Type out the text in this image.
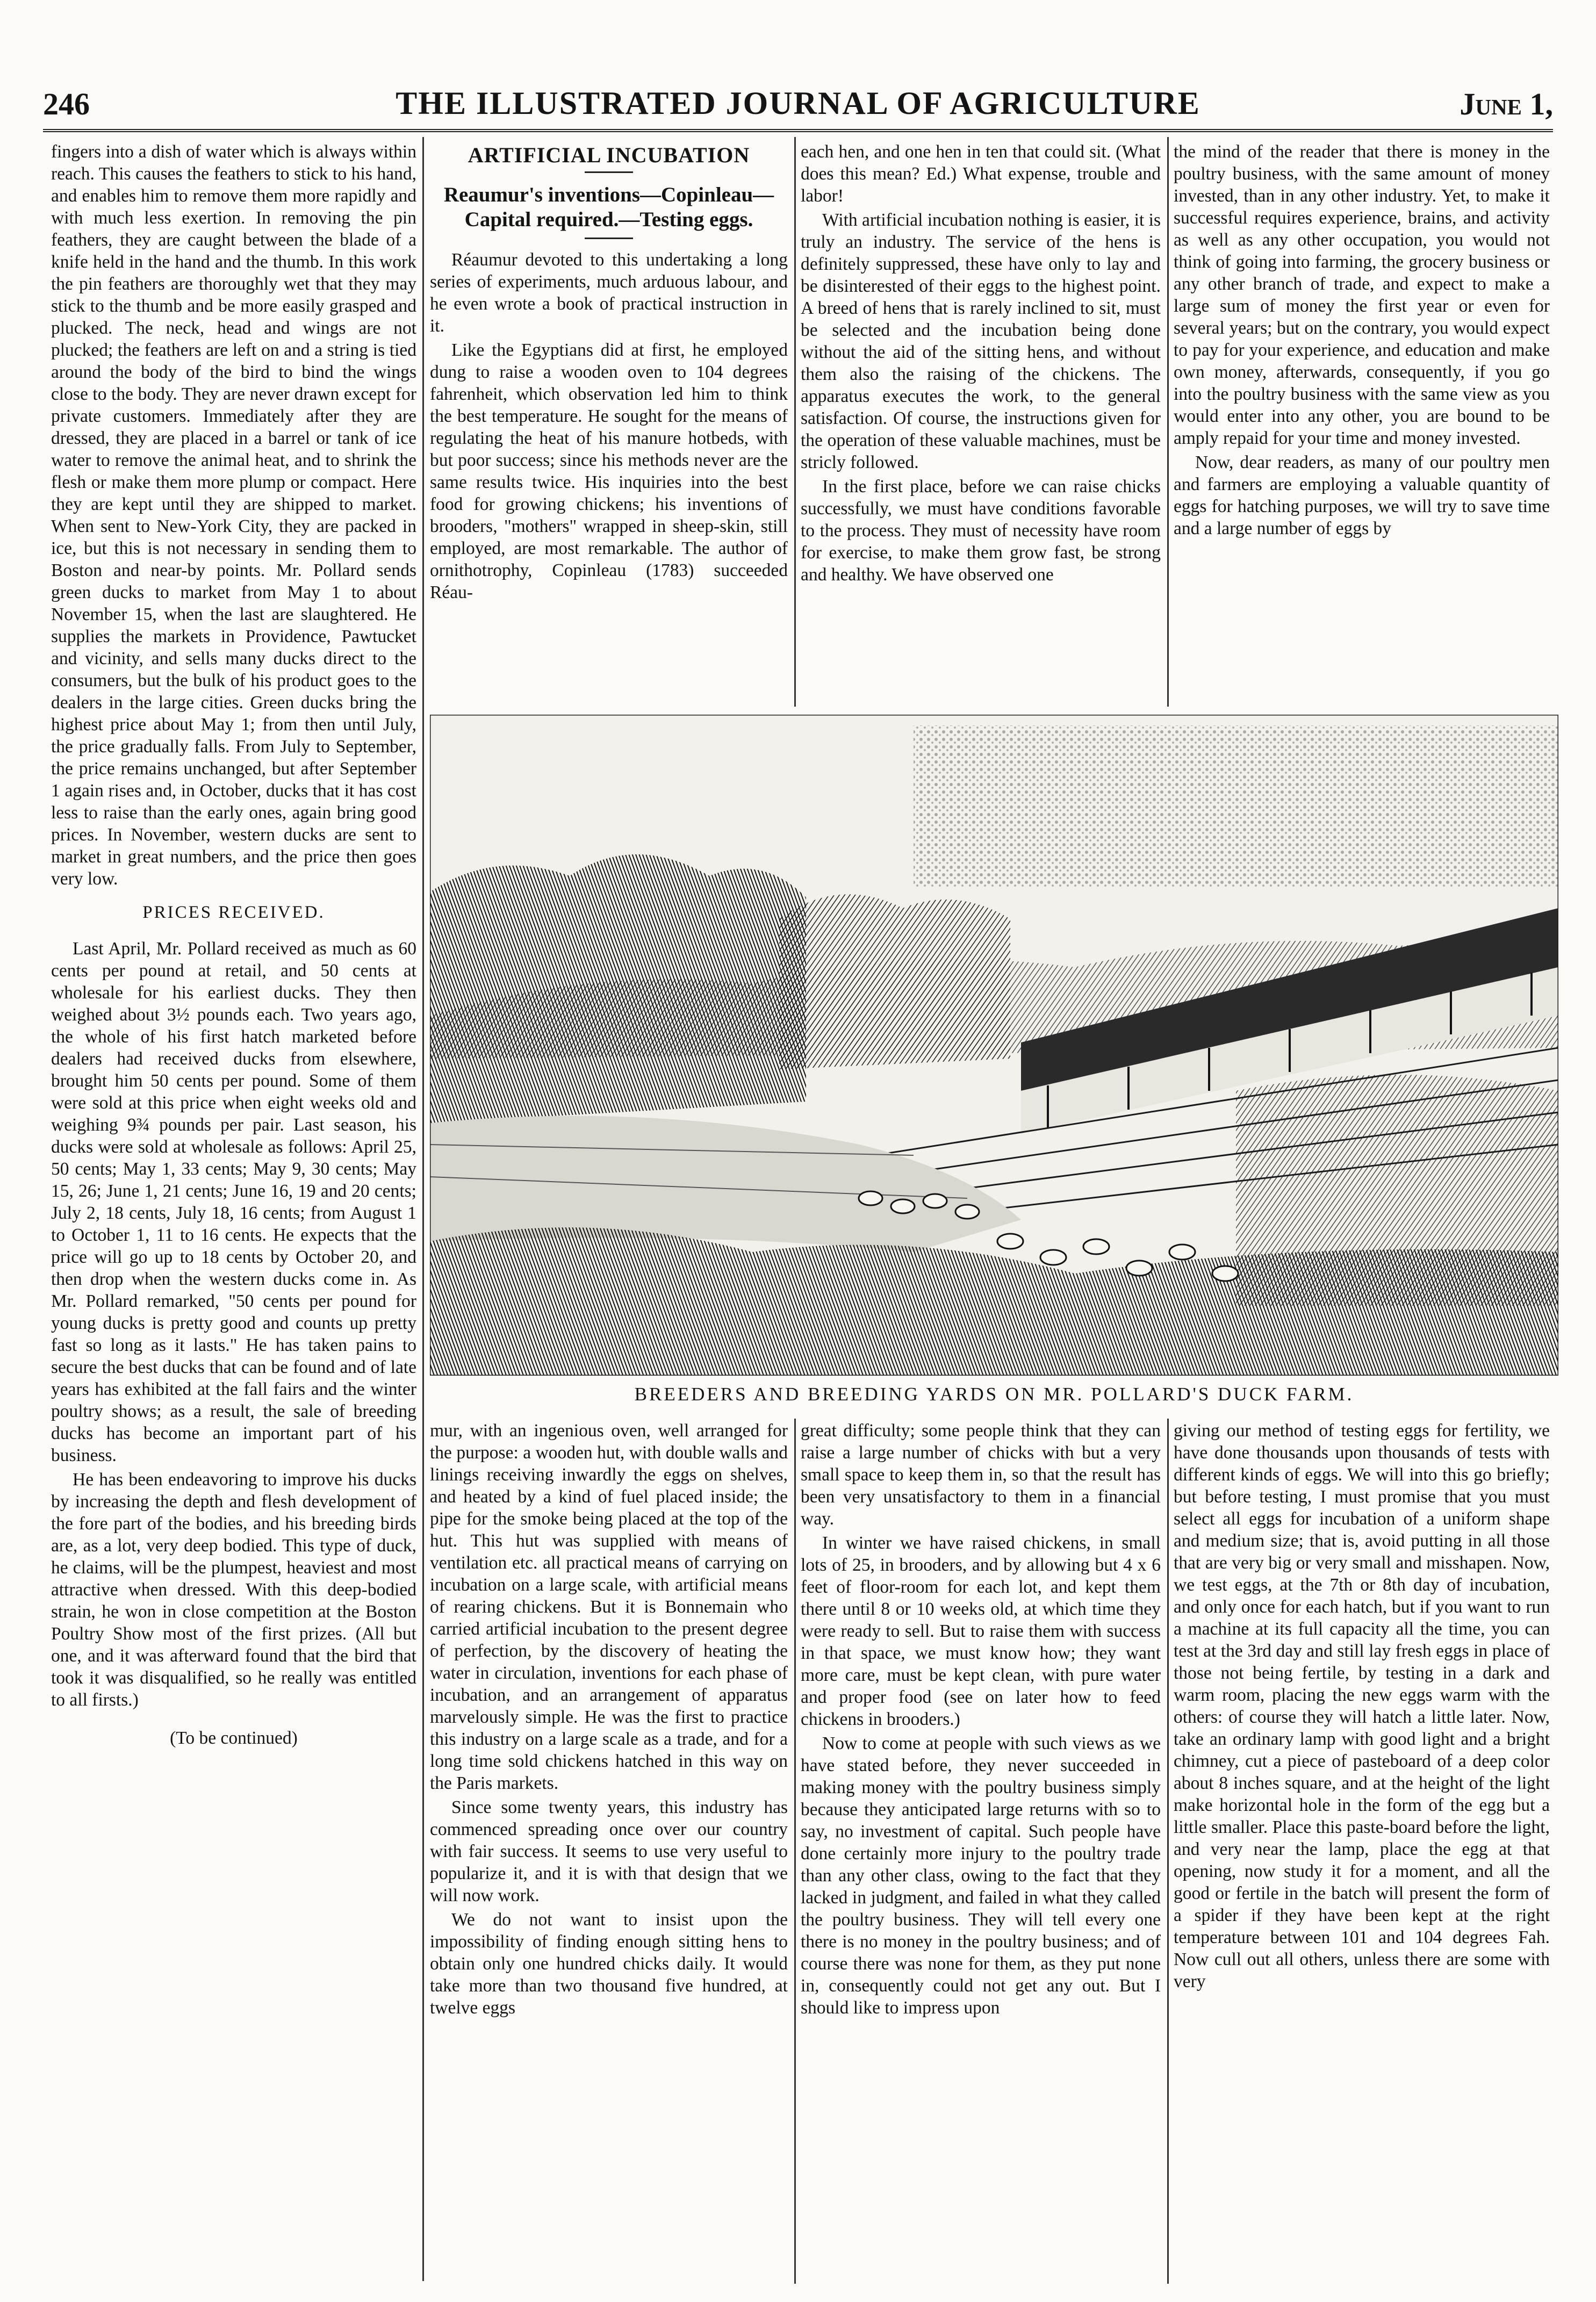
246	THE ILLUSTRATED JOURNAL OF AGRICULTURE	June 1,

fingers into a dish of water which is always within reach. This causes the feathers to stick to his hand, and enables him to remove them more rapidly and with much less exertion. In removing the pin feathers, they are caught between the blade of a knife held in the hand and the thumb. In this work the pin feathers are thoroughly wet that they may stick to the thumb and be more easily grasped and plucked. The neck, head and wings are not plucked; the feathers are left on and a string is tied around the body of the bird to bind the wings close to the body. They are never drawn except for private customers. Immediately after they are dressed, they are placed in a barrel or tank of ice water to remove the animal heat, and to shrink the flesh or make them more plump or compact. Here they are kept until they are shipped to market. When sent to New-York City, they are packed in ice, but this is not necessary in sending them to Boston and near-by points. Mr. Pollard sends green ducks to market from May 1 to about November 15, when the last are slaughtered. He supplies the markets in Providence, Pawtucket and vicinity, and sells many ducks direct to the consumers, but the bulk of his product goes to the dealers in the large cities. Green ducks bring the highest price about May 1; from then until July, the price gradually falls. From July to September, the price remains unchanged, but after September 1 again rises and, in October, ducks that it has cost less to raise than the early ones, again bring good prices. In November, western ducks are sent to market in great numbers, and the price then goes very low.

PRICES RECEIVED.

Last April, Mr. Pollard received as much as 60 cents per pound at retail, and 50 cents at wholesale for his earliest ducks. They then weighed about 3½ pounds each. Two years ago, the whole of his first hatch marketed before dealers had received ducks from elsewhere, brought him 50 cents per pound. Some of them were sold at this price when eight weeks old and weighing 9¾ pounds per pair. Last season, his ducks were sold at wholesale as follows: April 25, 50 cents; May 1, 33 cents; May 9, 30 cents; May 15, 26; June 1, 21 cents; June 16, 19 and 20 cents; July 2, 18 cents, July 18, 16 cents; from August 1 to October 1, 11 to 16 cents. He expects that the price will go up to 18 cents by October 20, and then drop when the western ducks come in. As Mr. Pollard remarked, "50 cents per pound for young ducks is pretty good and counts up pretty fast so long as it lasts." He has taken pains to secure the best ducks that can be found and of late years has exhibited at the fall fairs and the winter poultry shows; as a result, the sale of breeding ducks has become an important part of his business.

He has been endeavoring to improve his ducks by increasing the depth and flesh development of the fore part of the bodies, and his breeding birds are, as a lot, very deep bodied. This type of duck, he claims, will be the plumpest, heaviest and most attractive when dressed. With this deep-bodied strain, he won in close competition at the Boston Poultry Show most of the first prizes. (All but one, and it was afterward found that the bird that took it was disqualified, so he really was entitled to all firsts.)

(To be continued)
ARTIFICIAL INCUBATION
Reaumur's inventions—Copinleau—Capital required.—Testing eggs.

Réaumur devoted to this undertaking a long series of experiments, much arduous labour, and he even wrote a book of practical instruction in it.

Like the Egyptians did at first, he employed dung to raise a wooden oven to 104 degrees fahrenheit, which observation led him to think the best temperature. He sought for the means of regulating the heat of his manure hotbeds, with but poor success; since his methods never are the same results twice. His inquiries into the best food for growing chickens; his inventions of brooders, "mothers" wrapped in sheep-skin, still employed, are most remarkable. The author of ornithotrophy, Copinleau (1783) succeeded Réau-

each hen, and one hen in ten that could sit. (What does this mean? Ed.) What expense, trouble and labor!

With artificial incubation nothing is easier, it is truly an industry. The service of the hens is definitely suppressed, these have only to lay and be disinterested of their eggs to the highest point. A breed of hens that is rarely inclined to sit, must be selected and the incubation being done without the aid of the sitting hens, and without them also the raising of the chickens. The apparatus executes the work, to the general satisfaction. Of course, the instructions given for the operation of these valuable machines, must be stricly followed.

In the first place, before we can raise chicks successfully, we must have conditions favorable to the process. They must of necessity have room for exercise, to make them grow fast, be strong and healthy. We have observed one

the mind of the reader that there is money in the poultry business, with the same amount of money invested, than in any other industry. Yet, to make it successful requires experience, brains, and activity as well as any other occupation, you would not think of going into farming, the grocery business or any other branch of trade, and expect to make a large sum of money the first year or even for several years; but on the contrary, you would expect to pay for your experience, and education and make own money, afterwards, consequently, if you go into the poultry business with the same view as you would enter into any other, you are bound to be amply repaid for your time and money invested.

Now, dear readers, as many of our poultry men and farmers are employing a valuable quantity of eggs for hatching purposes, we will try to save time and a large number of eggs by

BREEDERS AND BREEDING YARDS ON MR. POLLARD'S DUCK FARM.

mur, with an ingenious oven, well arranged for the purpose: a wooden hut, with double walls and linings receiving inwardly the eggs on shelves, and heated by a kind of fuel placed inside; the pipe for the smoke being placed at the top of the hut. This hut was supplied with means of ventilation etc. all practical means of carrying on incubation on a large scale, with artificial means of rearing chickens. But it is Bonnemain who carried artificial incubation to the present degree of perfection, by the discovery of heating the water in circulation, inventions for each phase of incubation, and an arrangement of apparatus marvelously simple. He was the first to practice this industry on a large scale as a trade, and for a long time sold chickens hatched in this way on the Paris markets.

Since some twenty years, this industry has commenced spreading once over our country with fair success. It seems to use very useful to popularize it, and it is with that design that we will now work.

We do not want to insist upon the impossibility of finding enough sitting hens to obtain only one hundred chicks daily. It would take more than two thousand five hundred, at twelve eggs

great difficulty; some people think that they can raise a large number of chicks with but a very small space to keep them in, so that the result has been very unsatisfactory to them in a financial way.

In winter we have raised chickens, in small lots of 25, in brooders, and by allowing but 4 x 6 feet of floor-room for each lot, and kept them there until 8 or 10 weeks old, at which time they were ready to sell. But to raise them with success in that space, we must know how; they want more care, must be kept clean, with pure water and proper food (see on later how to feed chickens in brooders.)

Now to come at people with such views as we have stated before, they never succeeded in making money with the poultry business simply because they anticipated large returns with so to say, no investment of capital. Such people have done certainly more injury to the poultry trade than any other class, owing to the fact that they lacked in judgment, and failed in what they called the poultry business. They will tell every one there is no money in the poultry business; and of course there was none for them, as they put none in, consequently could not get any out. But I should like to impress upon

giving our method of testing eggs for fertility, we have done thousands upon thousands of tests with different kinds of eggs. We will into this go briefly; but before testing, I must promise that you must select all eggs for incubation of a uniform shape and medium size; that is, avoid putting in all those that are very big or very small and misshapen. Now, we test eggs, at the 7th or 8th day of incubation, and only once for each hatch, but if you want to run a machine at its full capacity all the time, you can test at the 3rd day and still lay fresh eggs in place of those not being fertile, by testing in a dark and warm room, placing the new eggs warm with the others: of course they will hatch a little later. Now, take an ordinary lamp with good light and a bright chimney, cut a piece of pasteboard of a deep color about 8 inches square, and at the height of the light make horizontal hole in the form of the egg but a little smaller. Place this paste-board before the light, and very near the lamp, place the egg at that opening, now study it for a moment, and all the good or fertile in the batch will present the form of a spider if they have been kept at the right temperature between 101 and 104 degrees Fah. Now cull out all others, unless there are some with very
